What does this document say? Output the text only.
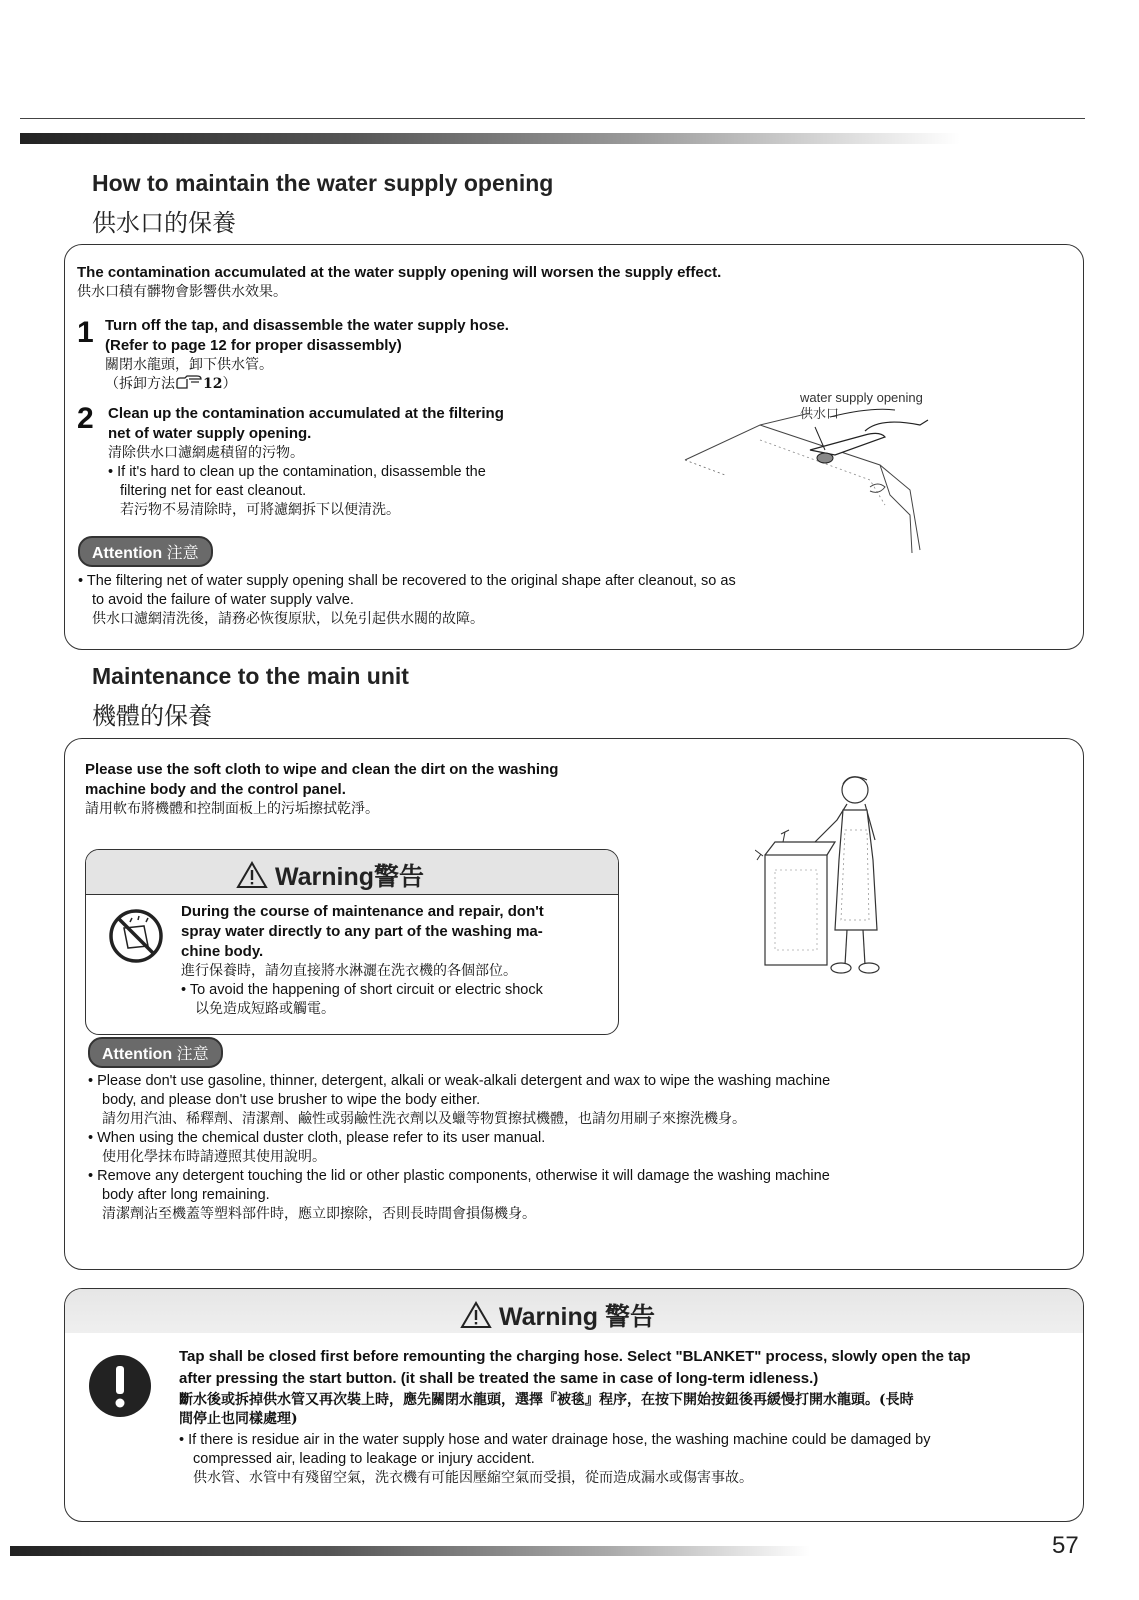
How to maintain the water supply opening
供水口的保養
The contamination accumulated at the water supply opening will worsen the supply effect.
供水口積有髒物會影響供水效果。
1 Turn off the tap, and disassemble the water supply hose.
(Refer to page 12 for proper disassembly)
關閉水龍頭，卸下供水管。
（拆卸方法 12）
2 Clean up the contamination accumulated at the filtering
net of water supply opening.
清除供水口濾網處積留的污物。
• If it's hard to clean up the contamination, disassemble the
filtering net for east cleanout.
若污物不易清除時，可將濾網拆下以便清洗。
water supply opening
供水口
Attention 注意
• The filtering net of water supply opening shall be recovered to the original shape after cleanout, so as
to avoid the failure of water supply valve.
供水口濾網清洗後，請務必恢復原狀，以免引起供水閥的故障。
Maintenance to the main unit
機體的保養
Please use the soft cloth to wipe and clean the dirt on the washing
machine body and the control panel.
請用軟布將機體和控制面板上的污垢擦拭乾淨。
Warning警告
During the course of maintenance and repair, don't
spray water directly to any part of the washing ma-
chine body.
進行保養時，請勿直接將水淋灑在洗衣機的各個部位。
• To avoid the happening of short circuit or electric shock
以免造成短路或觸電。
Attention 注意
• Please don't use gasoline, thinner, detergent, alkali or weak-alkali detergent and wax to wipe the washing machine
body, and please don't use brusher to wipe the body either.
請勿用汽油、稀釋劑、清潔劑、鹼性或弱鹼性洗衣劑以及蠟等物質擦拭機體，也請勿用刷子來擦洗機身。
• When using the chemical duster cloth, please refer to its user manual.
使用化學抹布時請遵照其使用說明。
• Remove any detergent touching the lid or other plastic components, otherwise it will damage the washing machine
body after long remaining.
清潔劑沾至機蓋等塑料部件時，應立即擦除，否則長時間會損傷機身。
Warning 警告
Tap shall be closed first before remounting the charging hose. Select "BLANKET" process, slowly open the tap
after pressing the start button. (it shall be treated the same in case of long-term idleness.)
斷水後或拆掉供水管又再次裝上時，應先關閉水龍頭，選擇『被毯』程序，在按下開始按鈕後再緩慢打開水龍頭。(長時
間停止也同樣處理)
• If there is residue air in the water supply hose and water drainage hose, the washing machine could be damaged by
compressed air, leading to leakage or injury accident.
供水管、水管中有殘留空氣，洗衣機有可能因壓縮空氣而受損，從而造成漏水或傷害事故。
57
